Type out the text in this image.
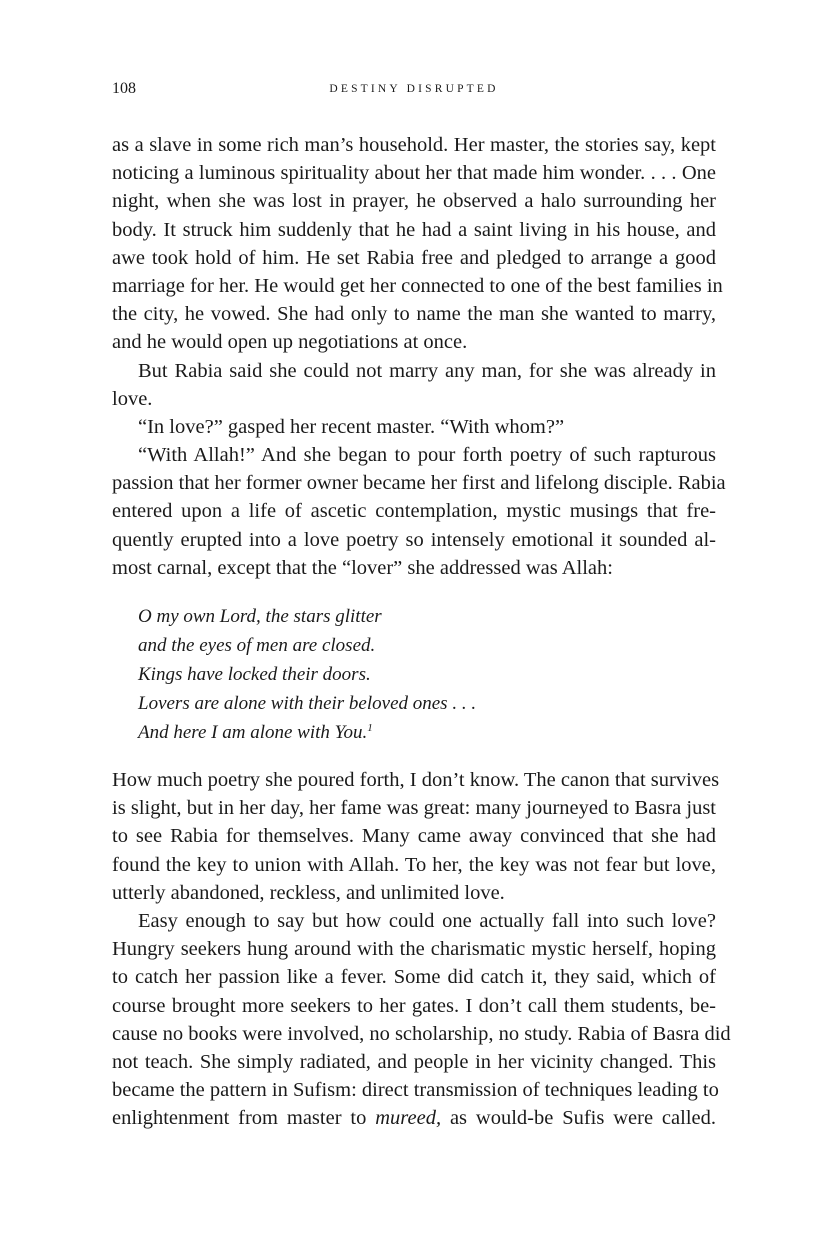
108	DESTINY DISRUPTED
as a slave in some rich man’s household. Her master, the stories say, kept
noticing a luminous spirituality about her that made him wonder. . . . One
night, when she was lost in prayer, he observed a halo surrounding her
body. It struck him suddenly that he had a saint living in his house, and
awe took hold of him. He set Rabia free and pledged to arrange a good
marriage for her. He would get her connected to one of the best families in
the city, he vowed. She had only to name the man she wanted to marry,
and he would open up negotiations at once.
But Rabia said she could not marry any man, for she was already in
love.
“In love?” gasped her recent master. “With whom?”
“With Allah!” And she began to pour forth poetry of such rapturous
passion that her former owner became her first and lifelong disciple. Rabia
entered upon a life of ascetic contemplation, mystic musings that fre-
quently erupted into a love poetry so intensely emotional it sounded al-
most carnal, except that the “lover” she addressed was Allah:
O my own Lord, the stars glitter
and the eyes of men are closed.
Kings have locked their doors.
Lovers are alone with their beloved ones . . .
And here I am alone with You.$^1$
How much poetry she poured forth, I don’t know. The canon that survives
is slight, but in her day, her fame was great: many journeyed to Basra just
to see Rabia for themselves. Many came away convinced that she had
found the key to union with Allah. To her, the key was not fear but love,
utterly abandoned, reckless, and unlimited love.
Easy enough to say but how could one actually fall into such love?
Hungry seekers hung around with the charismatic mystic herself, hoping
to catch her passion like a fever. Some did catch it, they said, which of
course brought more seekers to her gates. I don’t call them students, be-
cause no books were involved, no scholarship, no study. Rabia of Basra did
not teach. She simply radiated, and people in her vicinity changed. This
became the pattern in Sufism: direct transmission of techniques leading to
enlightenment from master to mureed, as would-be Sufis were called.
